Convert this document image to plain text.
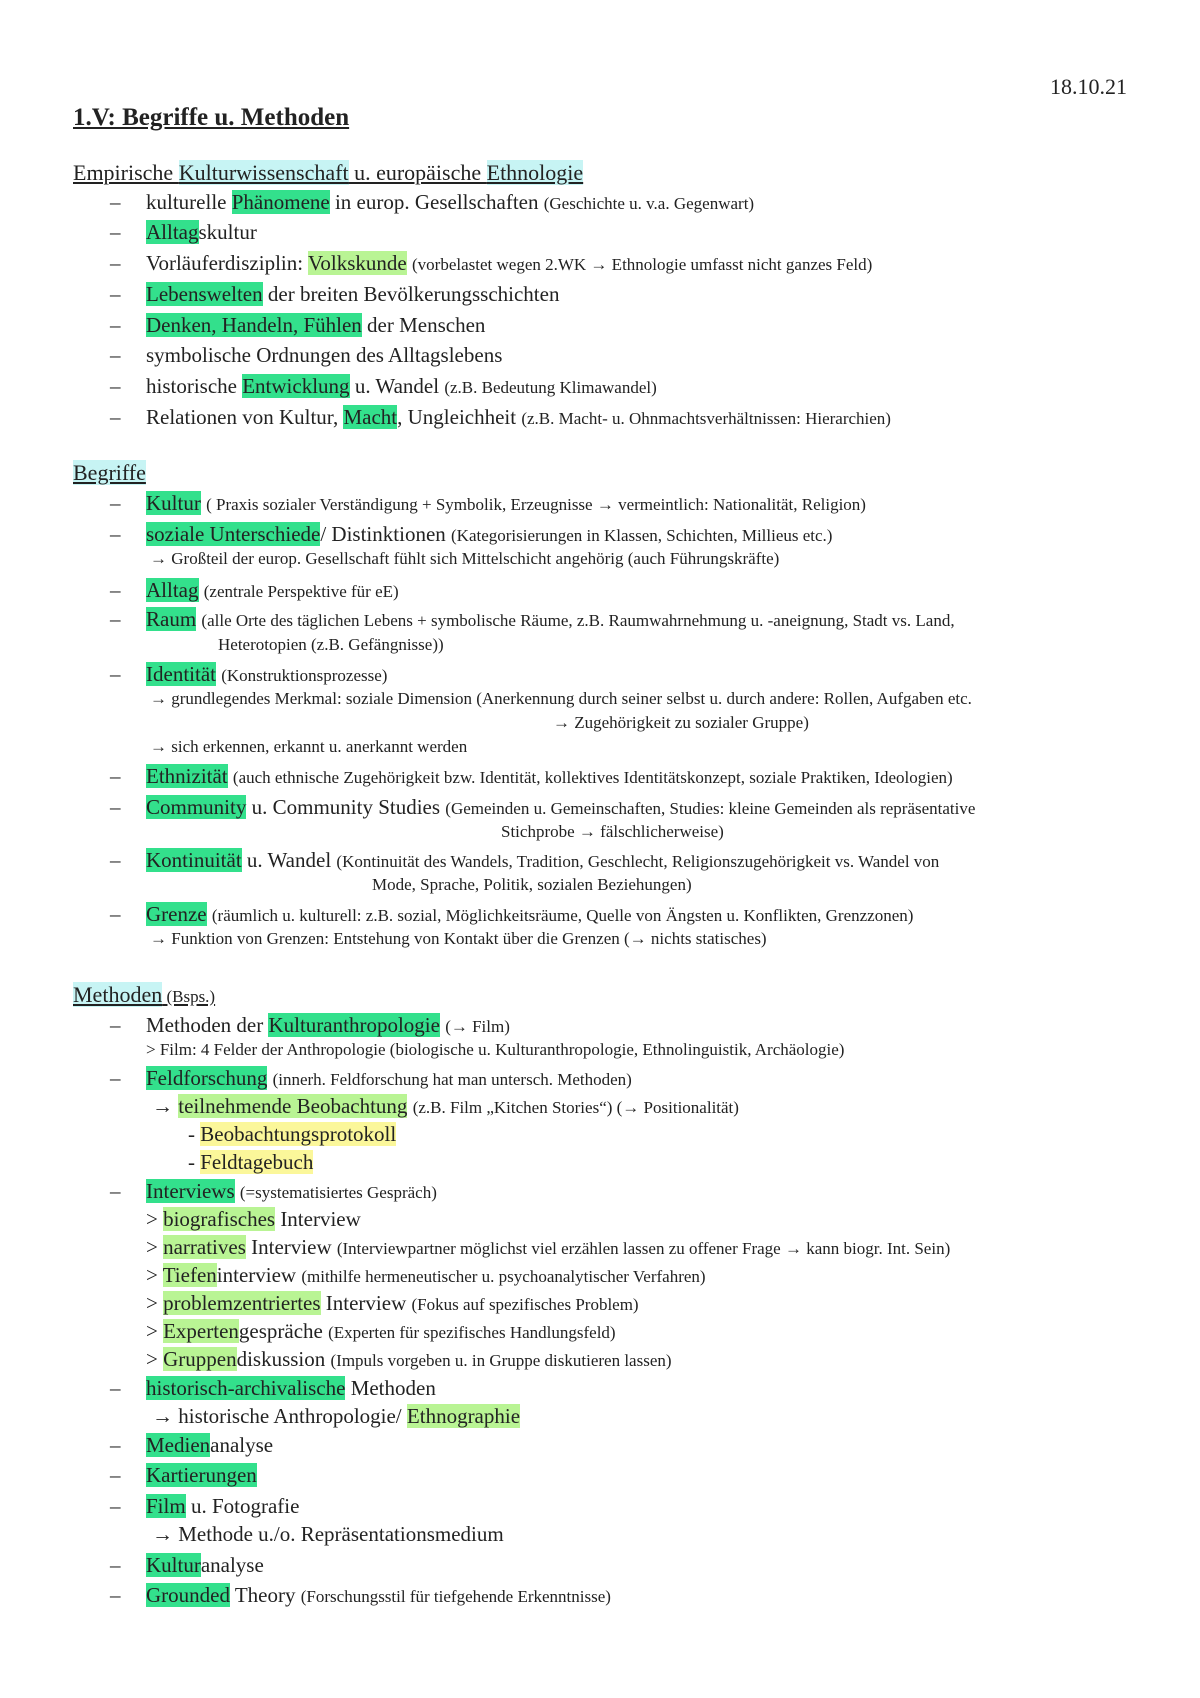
18.10.21
1.V: Begriffe u. Methoden
Empirische Kulturwissenschaft u. europäische Ethnologie
– kulturelle Phänomene in europ. Gesellschaften (Geschichte u. v.a. Gegenwart)
– Alltagskultur
– Vorläuferdisziplin: Volkskunde (vorbelastet wegen 2.WK → Ethnologie umfasst nicht ganzes Feld)
– Lebenswelten der breiten Bevölkerungsschichten
– Denken, Handeln, Fühlen der Menschen
– symbolische Ordnungen des Alltagslebens
– historische Entwicklung u. Wandel (z.B. Bedeutung Klimawandel)
– Relationen von Kultur, Macht, Ungleichheit (z.B. Macht- u. Ohnmachtsverhältnissen: Hierarchien)
Begriffe
– Kultur ( Praxis sozialer Verständigung + Symbolik, Erzeugnisse → vermeintlich: Nationalität, Religion)
– soziale Unterschiede/ Distinktionen (Kategorisierungen in Klassen, Schichten, Millieus etc.)
→ Großteil der europ. Gesellschaft fühlt sich Mittelschicht angehörig (auch Führungskräfte)
– Alltag (zentrale Perspektive für eE)
– Raum (alle Orte des täglichen Lebens + symbolische Räume, z.B. Raumwahrnehmung u. -aneignung, Stadt vs. Land,
Heterotopien (z.B. Gefängnisse))
– Identität (Konstruktionsprozesse)
→ grundlegendes Merkmal: soziale Dimension (Anerkennung durch seiner selbst u. durch andere: Rollen, Aufgaben etc.
→ Zugehörigkeit zu sozialer Gruppe)
→ sich erkennen, erkannt u. anerkannt werden
– Ethnizität (auch ethnische Zugehörigkeit bzw. Identität, kollektives Identitätskonzept, soziale Praktiken, Ideologien)
– Community u. Community Studies (Gemeinden u. Gemeinschaften, Studies: kleine Gemeinden als repräsentative
Stichprobe → fälschlicherweise)
– Kontinuität u. Wandel (Kontinuität des Wandels, Tradition, Geschlecht, Religionszugehörigkeit vs. Wandel von
Mode, Sprache, Politik, sozialen Beziehungen)
– Grenze (räumlich u. kulturell: z.B. sozial, Möglichkeitsräume, Quelle von Ängsten u. Konflikten, Grenzzonen)
→ Funktion von Grenzen: Entstehung von Kontakt über die Grenzen (→ nichts statisches)
Methoden (Bsps.)
– Methoden der Kulturanthropologie (→ Film)
> Film: 4 Felder der Anthropologie (biologische u. Kulturanthropologie, Ethnolinguistik, Archäologie)
– Feldforschung (innerh. Feldforschung hat man untersch. Methoden)
→ teilnehmende Beobachtung (z.B. Film „Kitchen Stories“) (→ Positionalität)
- Beobachtungsprotokoll
- Feldtagebuch
– Interviews (=systematisiertes Gespräch)
> biografisches Interview
> narratives Interview (Interviewpartner möglichst viel erzählen lassen zu offener Frage → kann biogr. Int. Sein)
> Tiefeninterview (mithilfe hermeneutischer u. psychoanalytischer Verfahren)
> problemzentriertes Interview (Fokus auf spezifisches Problem)
> Expertengespräche (Experten für spezifisches Handlungsfeld)
> Gruppendiskussion (Impuls vorgeben u. in Gruppe diskutieren lassen)
– historisch-archivalische Methoden
→ historische Anthropologie/ Ethnographie
– Medienanalyse
– Kartierungen
– Film u. Fotografie
→ Methode u./o. Repräsentationsmedium
– Kulturanalyse
– Grounded Theory (Forschungsstil für tiefgehende Erkenntnisse)
